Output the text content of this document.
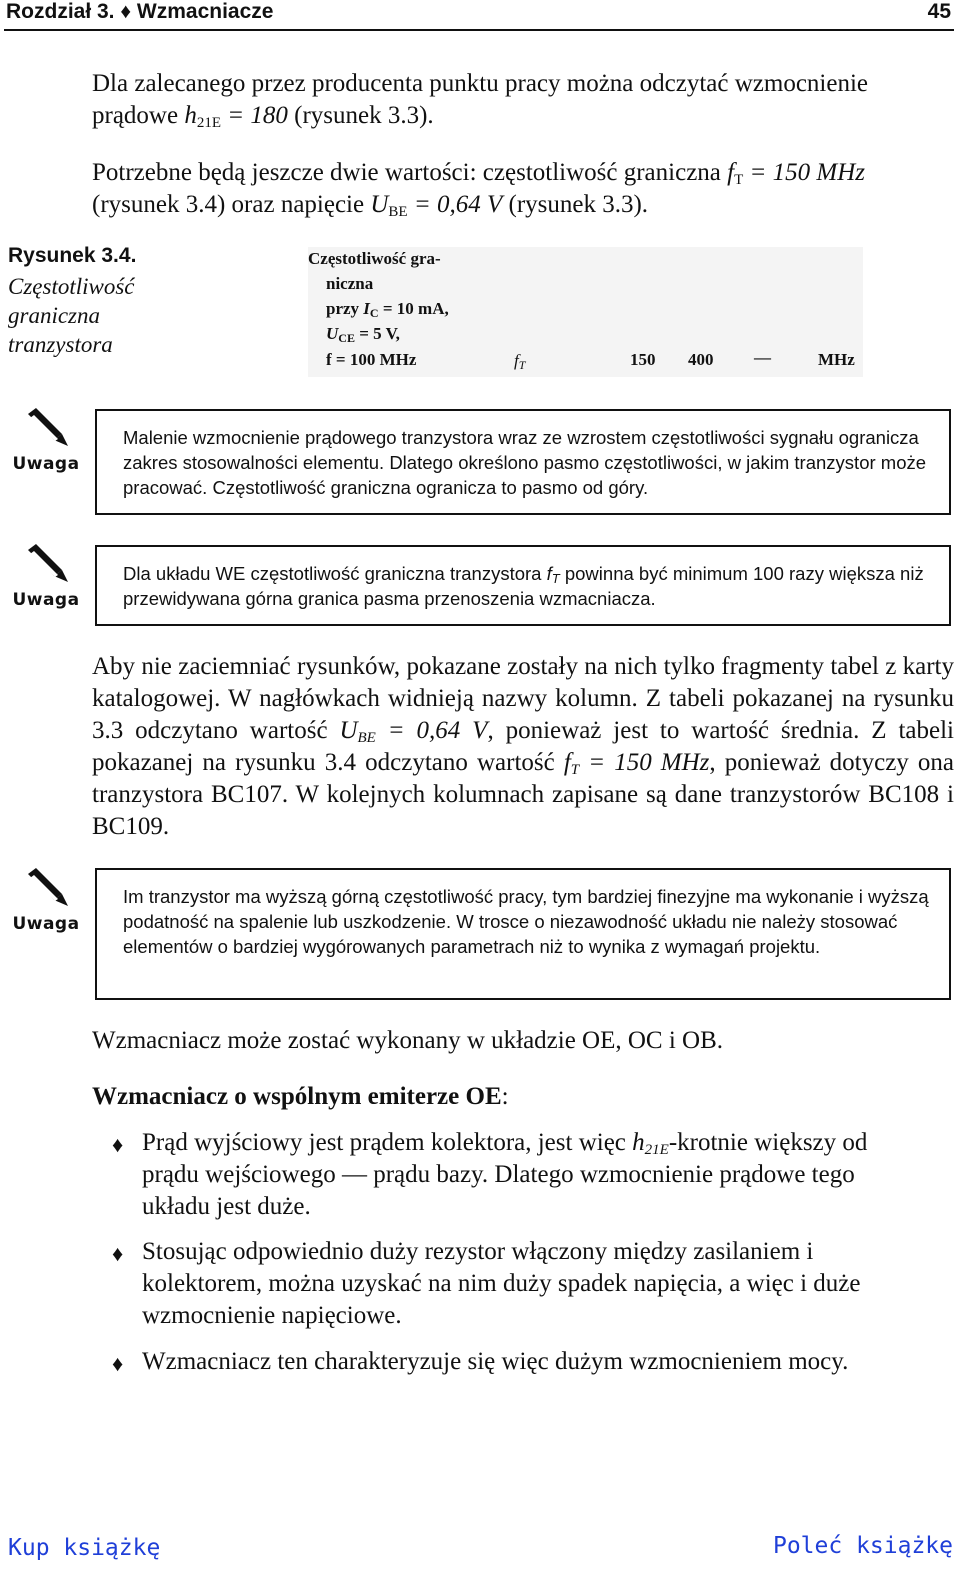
Rozdział 3. ♦ Wzmacniacze	45
Dla zalecanego przez producenta punktu pracy można odczytać wzmocnienie prądowe $h_{21E} = 180$ (rysunek 3.3).
Potrzebne będą jeszcze dwie wartości: częstotliwość graniczna $f_T = 150$ MHz (rysunek 3.4) oraz napięcie $U_{BE} = 0,64$ V (rysunek 3.3).
Rysunek 3.4.
Częstotliwość graniczna tranzystora
Częstotliwość gra-
niczna
przy $I_C = 10$ mA,
$U_{CE} = 5$ V,
f = 100 MHz	$f_T$	150 400 —	MHz
Uwaga

Malenie wzmocnienie prądowego tranzystora wraz ze wzrostem częstotliwości sygnału ogranicza zakres stosowalności elementu. Dlatego określono pasmo częstotliwości, w jakim tranzystor może pracować. Częstotliwość graniczna ogranicza to pasmo od góry.

Uwaga

Dla układu WE częstotliwość graniczna tranzystora $f_T$ powinna być minimum 100 razy większa niż przewidywana górna granica pasma przenoszenia wzmacniacza.

Aby nie zaciemniać rysunków, pokazane zostały na nich tylko fragmenty tabel z karty katalogowej. W nagłówkach widnieją nazwy kolumn. Z tabeli pokazanej na rysunku 3.3 odczytano wartość $U_{BE} = 0,64$ V, ponieważ jest to wartość średnia. Z tabeli pokazanej na rysunku 3.4 odczytano wartość $f_T = 150$ MHz, ponieważ dotyczy ona tranzystora BC107. W kolejnych kolumnach zapisane są dane tranzystorów BC108 i BC109.
Uwaga

Im tranzystor ma wyższą górną częstotliwość pracy, tym bardziej finezyjne ma wykonanie i wyższą podatność na spalenie lub uszkodzenie. W trosce o niezawodność układu nie należy stosować elementów o bardziej wygórowanych parametrach niż to wynika z wymagań projektu.

Wzmacniacz może zostać wykonany w układzie OE, OC i OB.
Wzmacniacz o wspólnym emiterze OE:
♦ Prąd wyjściowy jest prądem kolektora, jest więc $h_{21E}$-krotnie większy od prądu wejściowego — prądu bazy. Dlatego wzmocnienie prądowe tego układu jest duże.
♦ Stosując odpowiednio duży rezystor włączony między zasilaniem i kolektorem, można uzyskać na nim duży spadek napięcia, a więc i duże wzmocnienie napięciowe.
♦ Wzmacniacz ten charakteryzuje się więc dużym wzmocnieniem mocy.
Kup książkę	Poleć książkę
